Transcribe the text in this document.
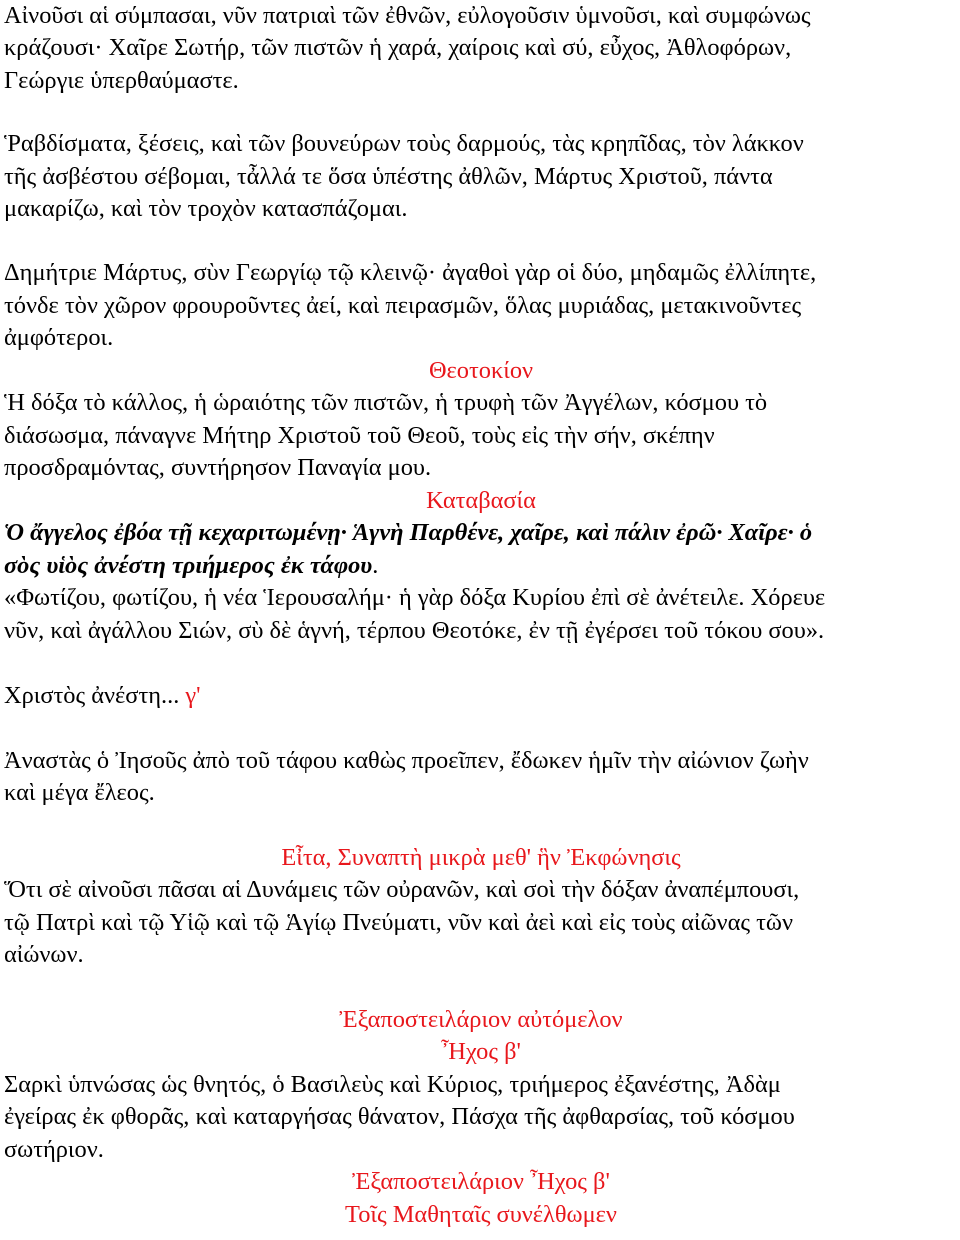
Αἰνοῦσι αἱ σύμπασαι, νῦν πατριαὶ τῶν ἐθνῶν, εὐλογοῦσιν ὑμνοῦσι, καὶ συμφώνως
κράζουσι· Χαῖρε Σωτήρ, τῶν πιστῶν ἡ χαρά, χαίροις καὶ σύ, εὖχος, Ἀθλοφόρων,
Γεώργιε ὑπερθαύμαστε.
Ῥαβδίσματα, ξέσεις, καὶ τῶν βουνεύρων τοὺς δαρμούς, τὰς κρηπῖδας, τὸν λάκκον
τῆς ἀσβέστου σέβομαι, τἆλλά τε ὅσα ὑπέστης ἀθλῶν, Μάρτυς Χριστοῦ, πάντα
μακαρίζω, καὶ τὸν τροχὸν κατασπάζομαι.
Δημήτριε Μάρτυς, σὺν Γεωργίῳ τῷ κλεινῷ· ἀγαθοὶ γὰρ οἱ δύο, μηδαμῶς ἐλλίπητε,
τόνδε τὸν χῶρον φρουροῦντες ἀεί, καὶ πειρασμῶν, ὅλας μυριάδας, μετακινοῦντες
ἀμφότεροι.
Θεοτοκίον
Ἡ δόξα τὸ κάλλος, ἡ ὡραιότης τῶν πιστῶν, ἡ τρυφὴ τῶν Ἀγγέλων, κόσμου τὸ
διάσωσμα, πάναγνε Μήτηρ Χριστοῦ τοῦ Θεοῦ, τοὺς εἰς τὴν σήν, σκέπην
προσδραμόντας, συντήρησον Παναγία μου.
Καταβασία
Ὁ ἄγγελος ἐβόα τῇ κεχαριτωμένῃ· Ἁγνὴ Παρθένε, χαῖρε, καὶ πάλιν ἐρῶ· Χαῖρε· ὁ
σὸς υἱὸς ἀνέστη τριήμερος ἐκ τάφου.
«Φωτίζου, φωτίζου, ἡ νέα Ἱερουσαλήμ· ἡ γὰρ δόξα Κυρίου ἐπὶ σὲ ἀνέτειλε. Χόρευε
νῦν, καὶ ἀγάλλου Σιών, σὺ δὲ ἁγνή, τέρπου Θεοτόκε, ἐν τῇ ἐγέρσει τοῦ τόκου σου».
Χριστὸς ἀνέστη... γ'
Ἀναστὰς ὁ Ἰησοῦς ἀπὸ τοῦ τάφου καθὼς προεῖπεν, ἔδωκεν ἡμῖν τὴν αἰώνιον ζωὴν
καὶ μέγα ἔλεος.
Εἶτα, Συναπτὴ μικρὰ μεθ' ἣν Ἐκφώνησις
Ὅτι σὲ αἰνοῦσι πᾶσαι αἱ Δυνάμεις τῶν οὐρανῶν, καὶ σοὶ τὴν δόξαν ἀναπέμπουσι,
τῷ Πατρὶ καὶ τῷ Υἱῷ καὶ τῷ Ἁγίῳ Πνεύματι, νῦν καὶ ἀεὶ καὶ εἰς τοὺς αἰῶνας τῶν
αἰώνων.
Ἐξαποστειλάριον αὐτόμελον
Ἦχος β'
Σαρκὶ ὑπνώσας ὡς θνητός, ὁ Βασιλεὺς καὶ Κύριος, τριήμερος ἐξανέστης, Ἀδὰμ
ἐγείρας ἐκ φθορᾶς, καὶ καταργήσας θάνατον, Πάσχα τῆς ἀφθαρσίας, τοῦ κόσμου
σωτήριον.
Ἐξαποστειλάριον Ἦχος β'
Τοῖς Μαθηταῖς συνέλθωμεν
